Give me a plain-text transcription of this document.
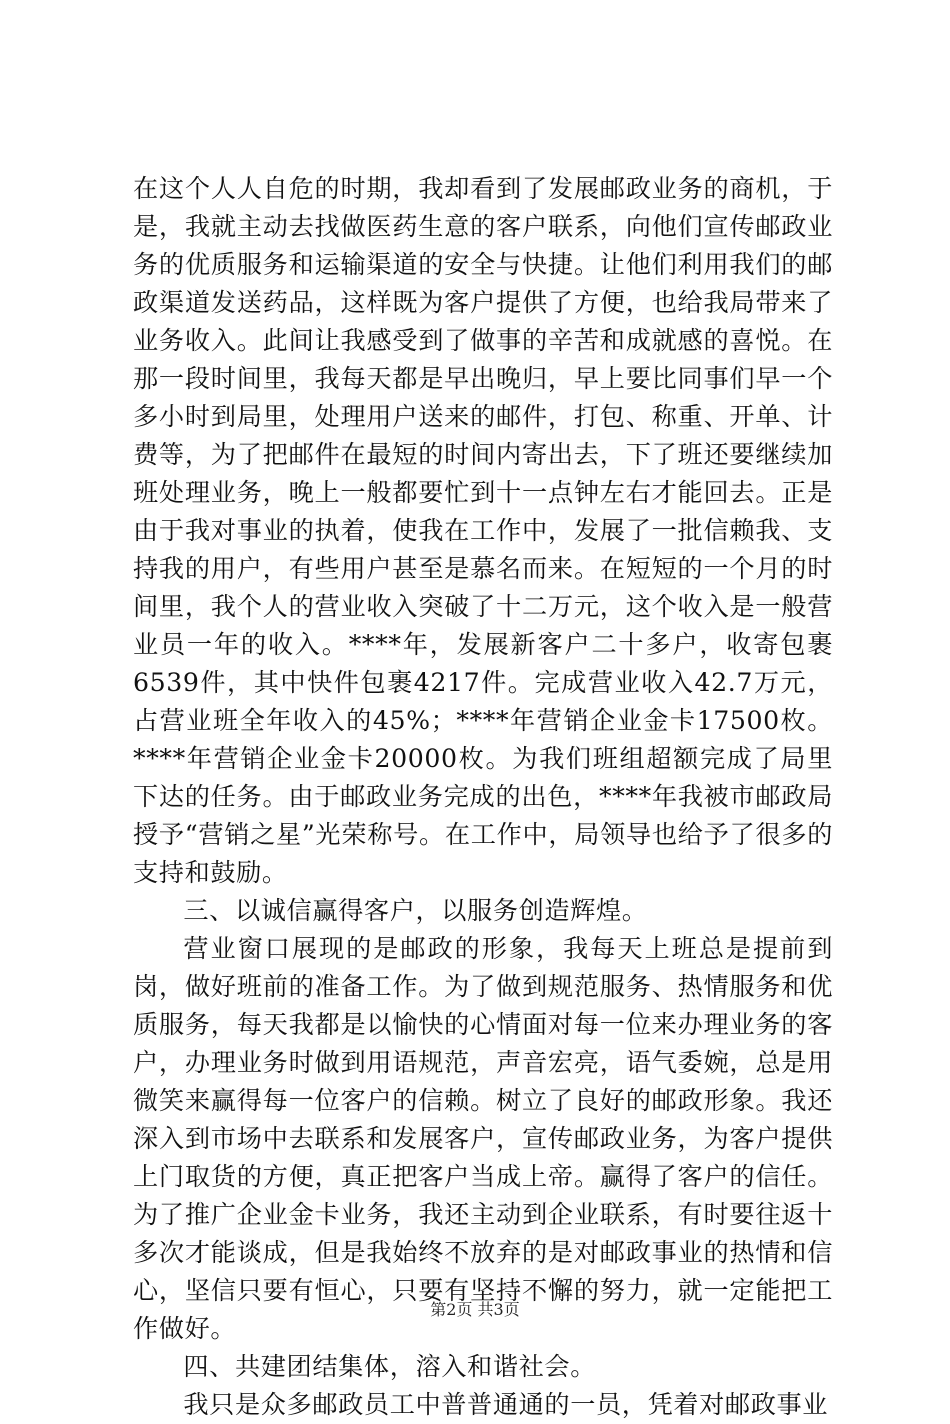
在这个人人自危的时期，我却看到了发展邮政业务的商机，于是，我就主动去找做医药生意的客户联系，向他们宣传邮政业务的优质服务和运输渠道的安全与快捷。让他们利用我们的邮政渠道发送药品，这样既为客户提供了方便，也给我局带来了业务收入。此间让我感受到了做事的辛苦和成就感的喜悦。在那一段时间里，我每天都是早出晚归，早上要比同事们早一个多小时到局里，处理用户送来的邮件，打包、称重、开单、计费等，为了把邮件在最短的时间内寄出去，下了班还要继续加班处理业务，晚上一般都要忙到十一点钟左右才能回去。正是由于我对事业的执着，使我在工作中，发展了一批信赖我、支持我的用户，有些用户甚至是慕名而来。在短短的一个月的时间里，我个人的营业收入突破了十二万元，这个收入是一般营业员一年的收入。****年，发展新客户二十多户，收寄包裹6539件，其中快件包裹4217件。完成营业收入42.7万元，占营业班全年收入的45%；****年营销企业金卡17500枚。****年营销企业金卡20000枚。为我们班组超额完成了局里下达的任务。由于邮政业务完成的出色，****年我被市邮政局授予“营销之星”光荣称号。在工作中，局领导也给予了很多的支持和鼓励。

三、以诚信赢得客户，以服务创造辉煌。

营业窗口展现的是邮政的形象，我每天上班总是提前到岗，做好班前的准备工作。为了做到规范服务、热情服务和优质服务，每天我都是以愉快的心情面对每一位来办理业务的客户，办理业务时做到用语规范，声音宏亮，语气委婉，总是用微笑来赢得每一位客户的信赖。树立了良好的邮政形象。我还深入到市场中去联系和发展客户，宣传邮政业务，为客户提供上门取货的方便，真正把客户当成上帝。赢得了客户的信任。为了推广企业金卡业务，我还主动到企业联系，有时要往返十多次才能谈成，但是我始终不放弃的是对邮政事业的热情和信心，坚信只要有恒心，只要有坚持不懈的努力，就一定能把工作做好。

四、共建团结集体，溶入和谐社会。

我只是众多邮政员工中普普通通的一员，凭着对邮政事业

第2页 共3页
